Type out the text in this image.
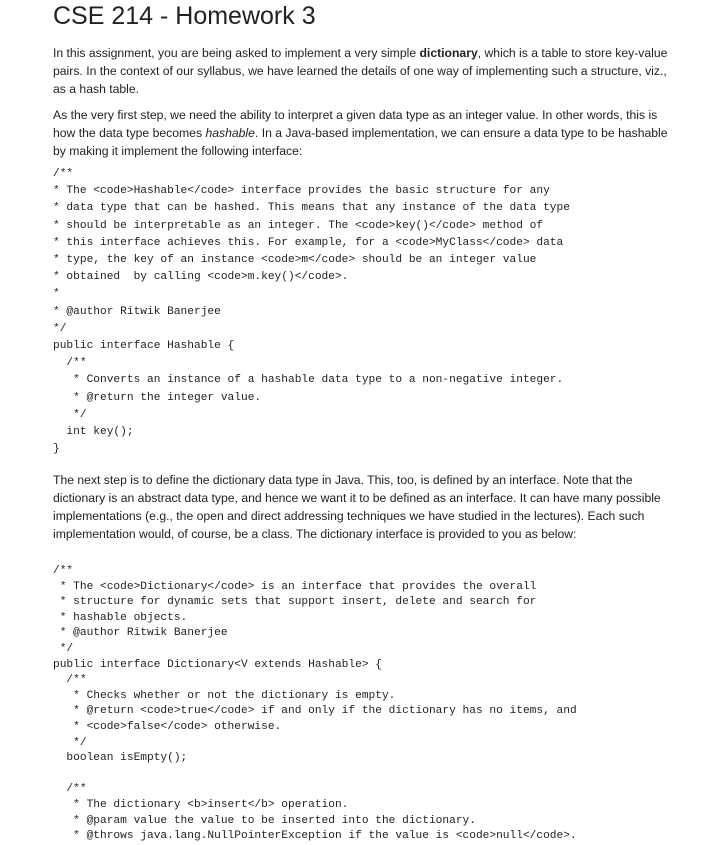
CSE 214 - Homework 3

In this assignment, you are being asked to implement a very simple dictionary, which is a table to store key-value pairs. In the context of our syllabus, we have learned the details of one way of implementing such a structure, viz., as a hash table.

As the very first step, we need the ability to interpret a given data type as an integer value. In other words, this is how the data type becomes hashable. In a Java-based implementation, we can ensure a data type to be hashable by making it implement the following interface:

/**
* The <code>Hashable</code> interface provides the basic structure for any
* data type that can be hashed. This means that any instance of the data type
* should be interpretable as an integer. The <code>key()</code> method of
* this interface achieves this. For example, for a <code>MyClass</code> data
* type, the key of an instance <code>m</code> should be an integer value
* obtained  by calling <code>m.key()</code>.
*
* @author Ritwik Banerjee
*/
public interface Hashable {
/**
* Converts an instance of a hashable data type to a non-negative integer.
* @return the integer value.
*/
int key();
}

The next step is to define the dictionary data type in Java. This, too, is defined by an interface. Note that the dictionary is an abstract data type, and hence we want it to be defined as an interface. It can have many possible implementations (e.g., the open and direct addressing techniques we have studied in the lectures). Each such implementation would, of course, be a class. The dictionary interface is provided to you as below:

/**
* The <code>Dictionary</code> is an interface that provides the overall
* structure for dynamic sets that support insert, delete and search for
* hashable objects.
* @author Ritwik Banerjee
*/
public interface Dictionary<V extends Hashable> {
/**
* Checks whether or not the dictionary is empty.
* @return <code>true</code> if and only if the dictionary has no items, and
* <code>false</code> otherwise.
*/
boolean isEmpty();

/**
* The dictionary <b>insert</b> operation.
* @param value the value to be inserted into the dictionary.
* @throws java.lang.NullPointerException if the value is <code>null</code>.
